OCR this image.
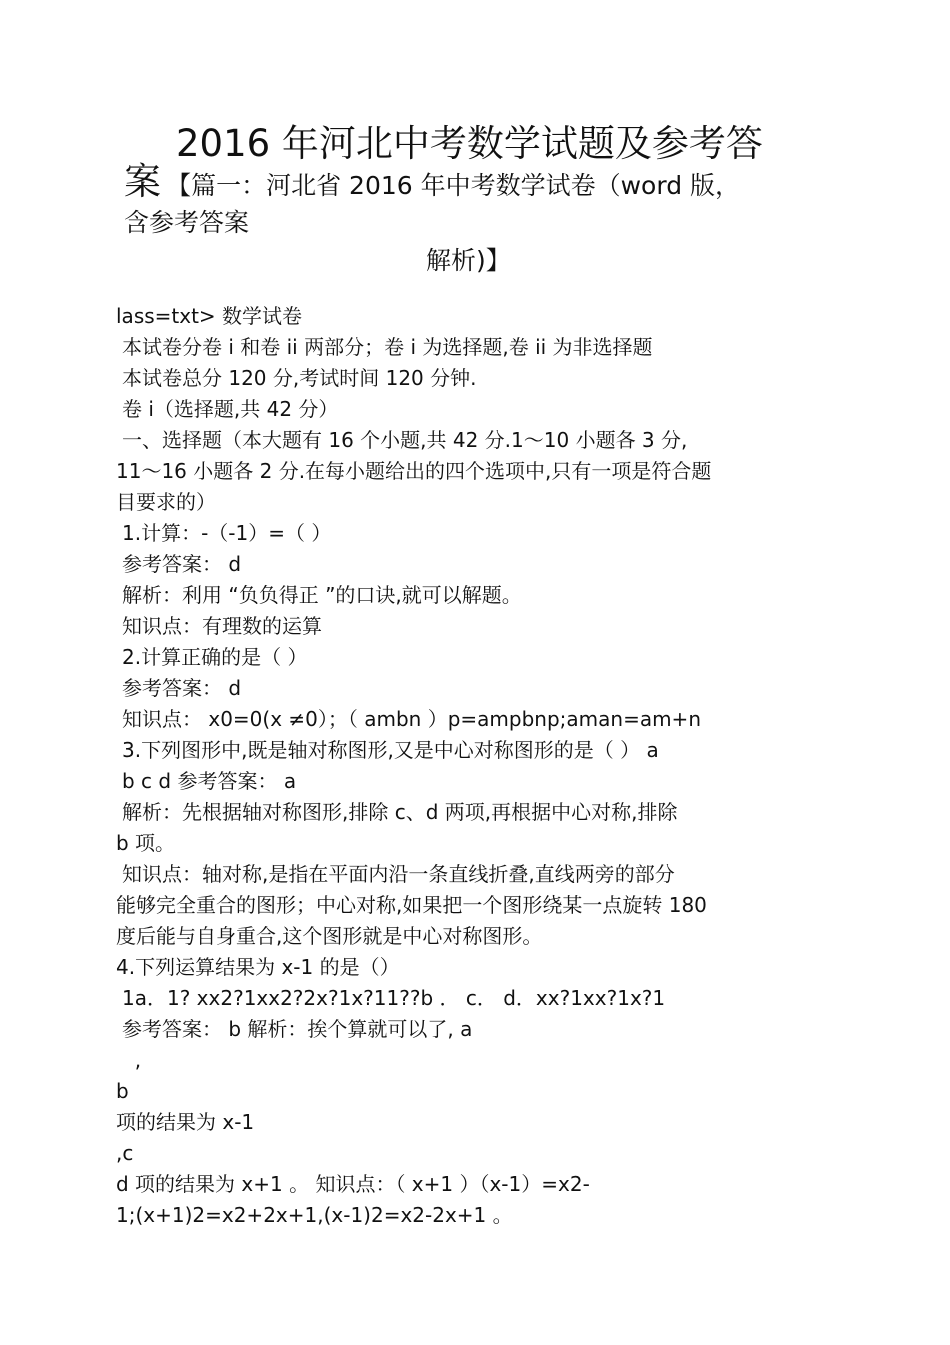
2016 年河北中考数学试题及参考答
案 【篇一：河北省 2016 年中考数学试卷（word 版，
含参考答案
解析)】
lass=txt> 数学试卷
本试卷分卷 i 和卷 ii 两部分；卷 i 为选择题,卷 ii 为非选择题
本试卷总分 120 分,考试时间 120 分钟.
卷 i（选择题,共 42 分）
一、选择题（本大题有 16 个小题,共 42 分.1～10 小题各 3 分,
11～16 小题各 2 分.在每小题给出的四个选项中,只有一项是符合题
目要求的）
1.计算：-（-1）=（ ）
参考答案： d
解析：利用 “负负得正 ”的口诀,就可以解题。
知识点：有理数的运算
2.计算正确的是（ ）
参考答案： d
知识点： x0=0(x ≠0）；（ ambn ）p=ampbnp;aman=am+n
3.下列图形中,既是轴对称图形,又是中心对称图形的是（ ） a
b c d 参考答案： a
解析：先根据轴对称图形,排除 c、d 两项,再根据中心对称,排除
b 项。
知识点：轴对称,是指在平面内沿一条直线折叠,直线两旁的部分
能够完全重合的图形；中心对称,如果把一个图形绕某一点旋转 180
度后能与自身重合,这个图形就是中心对称图形。
4.下列运算结果为 x-1 的是（）
1a．1? xx2?1xx2?2x?1x?11??b ． c． d．xx?1xx?1x?1
参考答案： b 解析：挨个算就可以了, a
,
b
项的结果为 x-1
,c
d 项的结果为 x+1 。 知识点：（ x+1 ）（x-1）=x2-
1;(x+1)2=x2+2x+1,(x-1)2=x2-2x+1 。
